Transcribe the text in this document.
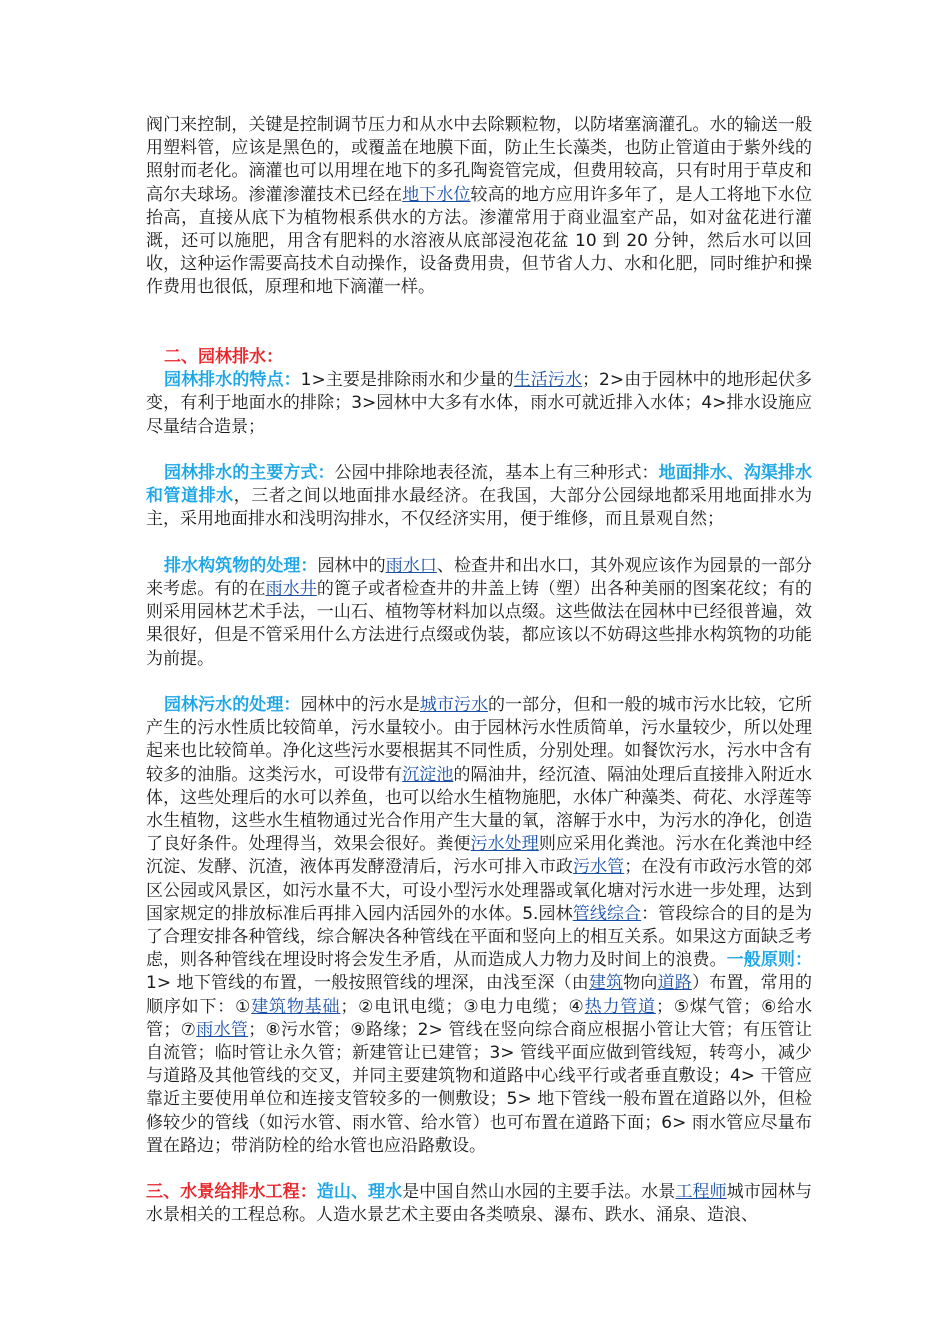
阀门来控制，关键是控制调节压力和从水中去除颗粒物，以防堵塞滴灌孔。水的输送一般用塑料管，应该是黑色的，或覆盖在地膜下面，防止生长藻类，也防止管道由于紫外线的照射而老化。滴灌也可以用埋在地下的多孔陶瓷管完成，但费用较高，只有时用于草皮和高尔夫球场。渗灌渗灌技术已经在地下水位较高的地方应用许多年了，是人工将地下水位抬高，直接从底下为植物根系供水的方法。渗灌常用于商业温室产品，如对盆花进行灌溉，还可以施肥，用含有肥料的水溶液从底部浸泡花盆 10 到 20 分钟，然后水可以回收，这种运作需要高技术自动操作，设备费用贵，但节省人力、水和化肥，同时维护和操作费用也很低，原理和地下滴灌一样。

二、园林排水：

园林排水的特点：1>主要是排除雨水和少量的生活污水；2>由于园林中的地形起伏多变，有利于地面水的排除；3>园林中大多有水体，雨水可就近排入水体；4>排水设施应尽量结合造景；

园林排水的主要方式：公园中排除地表径流，基本上有三种形式：地面排水、沟渠排水和管道排水，三者之间以地面排水最经济。在我国，大部分公园绿地都采用地面排水为主，采用地面排水和浅明沟排水，不仅经济实用，便于维修，而且景观自然；

排水构筑物的处理：园林中的雨水口、检查井和出水口，其外观应该作为园景的一部分来考虑。有的在雨水井的篦子或者检查井的井盖上铸（塑）出各种美丽的图案花纹；有的则采用园林艺术手法，一山石、植物等材料加以点缀。这些做法在园林中已经很普遍，效果很好，但是不管采用什么方法进行点缀或伪装，都应该以不妨碍这些排水构筑物的功能为前提。

园林污水的处理：园林中的污水是城市污水的一部分，但和一般的城市污水比较，它所产生的污水性质比较简单，污水量较小。由于园林污水性质简单，污水量较少，所以处理起来也比较简单。净化这些污水要根据其不同性质，分别处理。如餐饮污水，污水中含有较多的油脂。这类污水，可设带有沉淀池的隔油井，经沉渣、隔油处理后直接排入附近水体，这些处理后的水可以养鱼，也可以给水生植物施肥，水体广种藻类、荷花、水浮莲等水生植物，这些水生植物通过光合作用产生大量的氧，溶解于水中，为污水的净化，创造了良好条件。处理得当，效果会很好。粪便污水处理则应采用化粪池。污水在化粪池中经沉淀、发酵、沉渣，液体再发酵澄清后，污水可排入市政污水管；在没有市政污水管的郊区公园或风景区，如污水量不大，可设小型污水处理器或氧化塘对污水进一步处理，达到国家规定的排放标准后再排入园内活园外的水体。5.园林管线综合：管段综合的目的是为了合理安排各种管线，综合解决各种管线在平面和竖向上的相互关系。如果这方面缺乏考虑，则各种管线在埋设时将会发生矛盾，从而造成人力物力及时间上的浪费。一般原则：1> 地下管线的布置，一般按照管线的埋深，由浅至深（由建筑物向道路）布置，常用的顺序如下：①建筑物基础；②电讯电缆；③电力电缆；④热力管道；⑤煤气管；⑥给水管；⑦雨水管；⑧污水管；⑨路缘；2> 管线在竖向综合商应根据小管让大管；有压管让自流管；临时管让永久管；新建管让已建管；3> 管线平面应做到管线短，转弯小，减少与道路及其他管线的交叉，并同主要建筑物和道路中心线平行或者垂直敷设；4> 干管应靠近主要使用单位和连接支管较多的一侧敷设；5> 地下管线一般布置在道路以外，但检修较少的管线（如污水管、雨水管、给水管）也可布置在道路下面；6> 雨水管应尽量布置在路边；带消防栓的给水管也应沿路敷设。

三、水景给排水工程：造山、理水是中国自然山水园的主要手法。水景工程师城市园林与水景相关的工程总称。人造水景艺术主要由各类喷泉、瀑布、跌水、涌泉、造浪、
